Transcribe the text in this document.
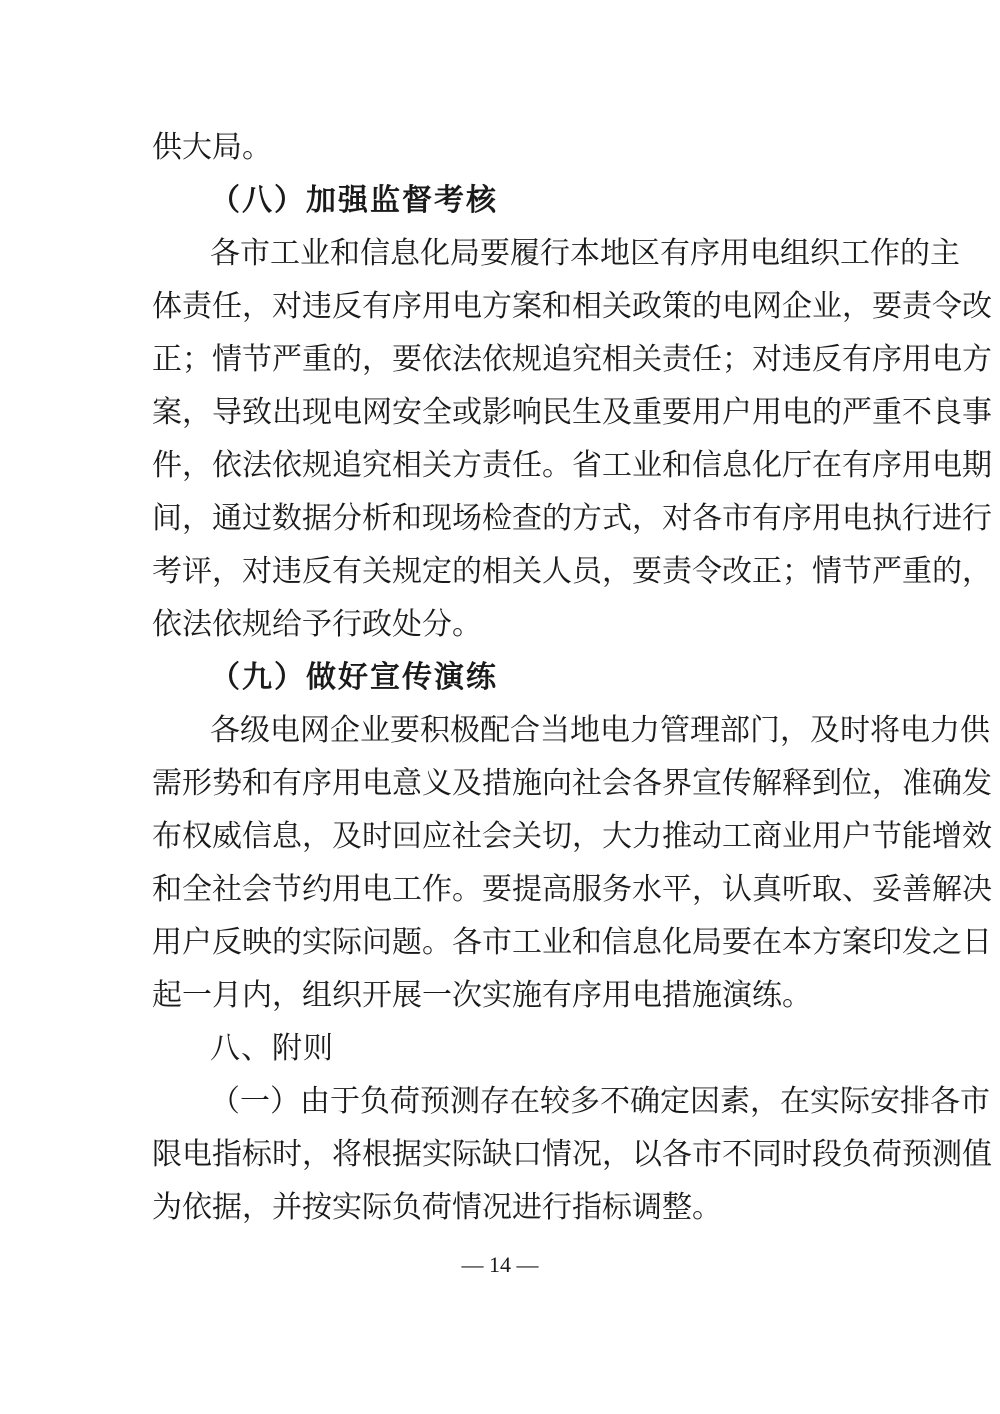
供大局。
（八）加强监督考核
各市工业和信息化局要履行本地区有序用电组织工作的主
体责任，对违反有序用电方案和相关政策的电网企业，要责令改
正；情节严重的，要依法依规追究相关责任；对违反有序用电方
案，导致出现电网安全或影响民生及重要用户用电的严重不良事
件，依法依规追究相关方责任。省工业和信息化厅在有序用电期
间，通过数据分析和现场检查的方式，对各市有序用电执行进行
考评，对违反有关规定的相关人员，要责令改正；情节严重的，
依法依规给予行政处分。
（九）做好宣传演练
各级电网企业要积极配合当地电力管理部门，及时将电力供
需形势和有序用电意义及措施向社会各界宣传解释到位，准确发
布权威信息，及时回应社会关切，大力推动工商业用户节能增效
和全社会节约用电工作。要提高服务水平，认真听取、妥善解决
用户反映的实际问题。各市工业和信息化局要在本方案印发之日
起一月内，组织开展一次实施有序用电措施演练。
八、附则
（一）由于负荷预测存在较多不确定因素，在实际安排各市
限电指标时，将根据实际缺口情况，以各市不同时段负荷预测值
为依据，并按实际负荷情况进行指标调整。
— 14 —
